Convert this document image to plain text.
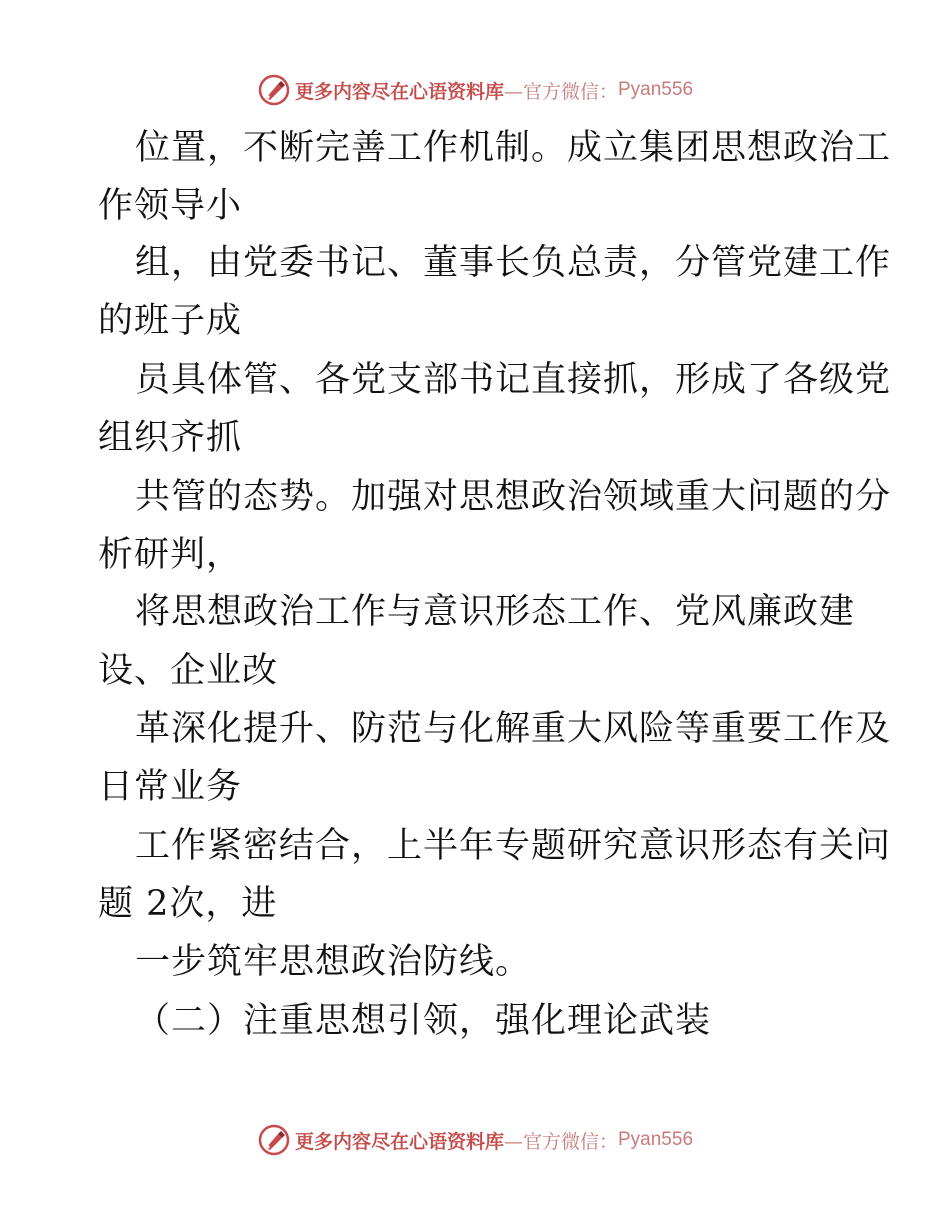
更多内容尽在心语资料库 —官方微信： Pyan556
位置，不断完善工作机制。成立集团思想政治工
作领导小
组，由党委书记、董事长负总责，分管党建工作
的班子成
员具体管、各党支部书记直接抓，形成了各级党
组织齐抓
共管的态势。加强对思想政治领域重大问题的分
析研判，
将思想政治工作与意识形态工作、党风廉政建
设、企业改
革深化提升、防范与化解重大风险等重要工作及
日常业务
工作紧密结合，上半年专题研究意识形态有关问
题 2次，进
一步筑牢思想政治防线。
（二）注重思想引领，强化理论武装
更多内容尽在心语资料库 —官方微信： Pyan556
